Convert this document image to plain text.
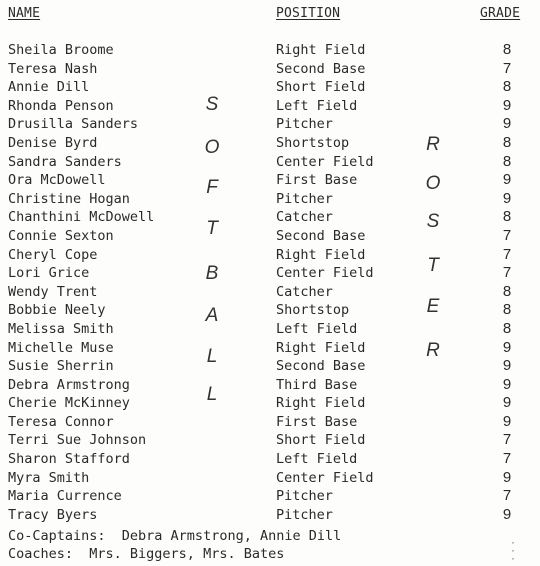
NAME	POSITION	GRADE
Sheila Broome	Right Field	8
Teresa Nash	Second Base	7
Annie Dill	Short Field	8
Rhonda Penson	Left Field	9
Drusilla Sanders	Pitcher	9
Denise Byrd	Shortstop	8
Sandra Sanders	Center Field	8
Ora McDowell	First Base	9
Christine Hogan	Pitcher	9
Chanthini McDowell	Catcher	8
Connie Sexton	Second Base	7
Cheryl Cope	Right Field	7
Lori Grice	Center Field	7
Wendy Trent	Catcher	8
Bobbie Neely	Shortstop	8
Melissa Smith	Left Field	8
Michelle Muse	Right Field	9
Susie Sherrin	Second Base	9
Debra Armstrong	Third Base	9
Cherie McKinney	Right Field	9
Teresa Connor	First Base	9
Terri Sue Johnson	Short Field	7
Sharon Stafford	Left Field	7
Myra Smith	Center Field	9
Maria Currence	Pitcher	7
Tracy Byers	Pitcher	9
S
O
F
T
B
A
L
L
R
O
S
T
E
R
Co-Captains:  Debra Armstrong, Annie Dill
Coaches:  Mrs. Biggers, Mrs. Bates
·
·
·
